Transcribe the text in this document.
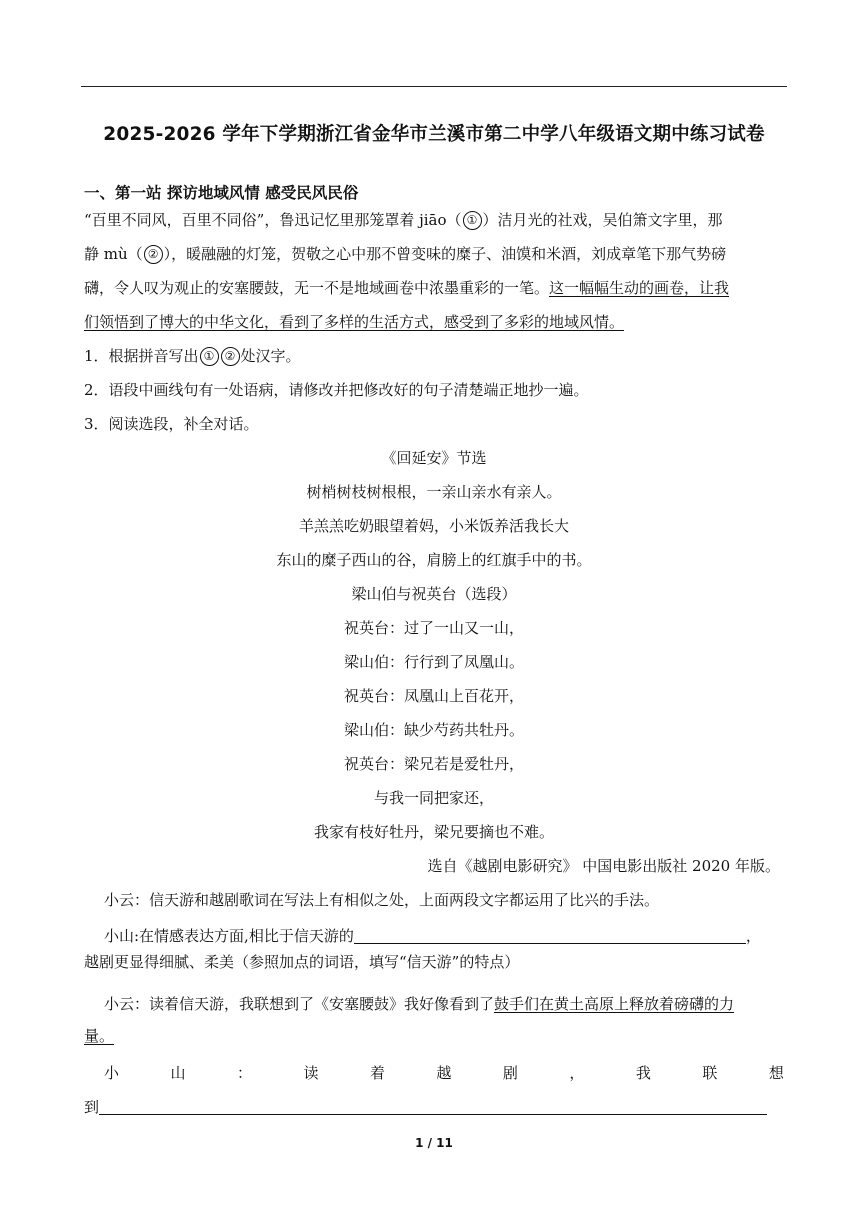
2025-2026 学年下学期浙江省金华市兰溪市第二中学八年级语文期中练习试卷
一、第一站 探访地域风情 感受民风民俗
“百里不同风，百里不同俗”，鲁迅记忆里那笼罩着 jiāo（ ① ）洁月光的社戏，吴伯箫文字里，那
静 mù（ ② ），暖融融的灯笼，贺敬之心中那不曾变味的糜子、油馍和米酒，刘成章笔下那气势磅
礴，令人叹为观止的安塞腰鼓，无一不是地域画卷中浓墨重彩的一笔。这一幅幅生动的画卷，让我
们领悟到了博大的中华文化，看到了多样的生活方式，感受到了多彩的地域风情。
1．根据拼音写出 ① ② 处汉字。
2．语段中画线句有一处语病，请修改并把修改好的句子清楚端正地抄一遍。
3．阅读选段，补全对话。
《回延安》节选
树梢树枝树根根，一亲山亲水有亲人。
羊羔羔吃奶眼望着妈，小米饭养活我长大
东山的糜子西山的谷，肩膀上的红旗手中的书。
梁山伯与祝英台（选段）
祝英台：过了一山又一山，
梁山伯：行行到了凤凰山。
祝英台：凤凰山上百花开，
梁山伯：缺少芍药共牡丹。
祝英台：梁兄若是爱牡丹，
与我一同把家还，
我家有枝好牡丹，梁兄要摘也不难。
选自《越剧电影研究》 中国电影出版社 2020 年版。
小云：信天游和越剧歌词在写法上有相似之处，上面两段文字都运用了比兴的手法。
小山:在情感表达方面,相比于信天游的	，
越剧更显得细腻、柔美（参照加点的词语，填写“信天游”的特点）
小云：读着信天游，我联想到了《安塞腰鼓》我好像看到了鼓手们在黄土高原上释放着磅礴的力
量。
小	山	：	读	着	越	剧	，	我	联	想
到
1 / 11
